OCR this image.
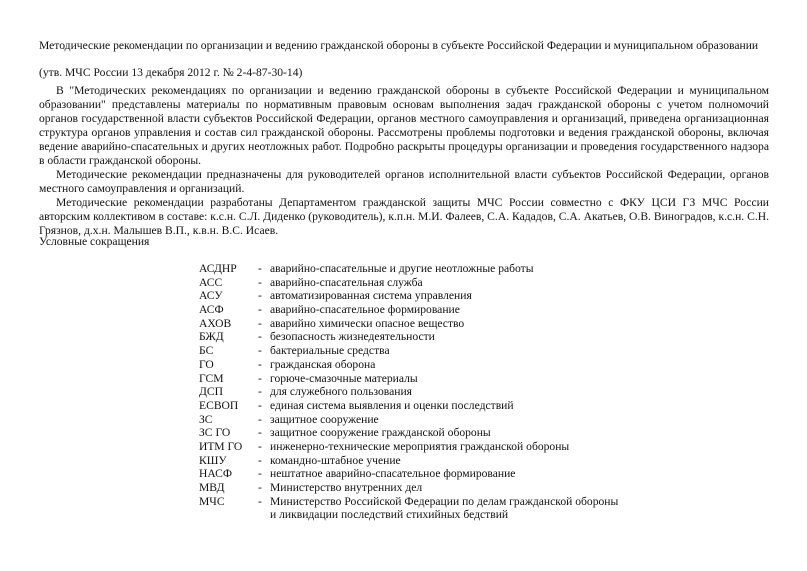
Методические рекомендации по организации и ведению гражданской обороны в субъекте Российской Федерации и муниципальном образовании
(утв. МЧС России 13 декабря 2012 г. № 2-4-87-30-14)

В "Методических рекомендациях по организации и ведению гражданской обороны в субъекте Российской Федерации и муниципальном образовании" представлены материалы по нормативным правовым основам выполнения задач гражданской обороны с учетом полномочий органов государственной власти субъектов Российской Федерации, органов местного самоуправления и организаций, приведена организационная структура органов управления и состав сил гражданской обороны. Рассмотрены проблемы подготовки и ведения гражданской обороны, включая ведение аварийно-спасательных и других неотложных работ. Подробно раскрыты процедуры организации и проведения государственного надзора в области гражданской обороны.

Методические рекомендации предназначены для руководителей органов исполнительной власти субъектов Российской Федерации, органов местного самоуправления и организаций.

Методические рекомендации разработаны Департаментом гражданской защиты МЧС России совместно с ФКУ ЦСИ ГЗ МЧС России авторским коллективом в составе: к.с.н. С.Л. Диденко (руководитель), к.п.н. М.И. Фалеев, С.А. Кададов, С.А. Акатьев, О.В. Виноградов, к.с.н. С.Н. Грязнов, д.х.н. Малышев В.П., к.в.н. В.С. Исаев.

Условные сокращения
АСДНР	- аварийно-спасательные и другие неотложные работы
АСС	- аварийно-спасательная служба
АСУ	- автоматизированная система управления
АСФ	- аварийно-спасательное формирование
АХОВ	- аварийно химически опасное вещество
БЖД	- безопасность жизнедеятельности
БС	- бактериальные средства
ГО	- гражданская оборона
ГСМ	- горюче-смазочные материалы
ДСП	- для служебного пользования
ЕСВОП	- единая система выявления и оценки последствий
ЗС	- защитное сооружение
ЗС ГО	- защитное сооружение гражданской обороны
ИТМ ГО	- инженерно-технические мероприятия гражданской обороны
КШУ	- командно-штабное учение
НАСФ	- нештатное аварийно-спасательное формирование
МВД	- Министерство внутренних дел
МЧС	- Министерство Российской Федерации по делам гражданской обороны
и ликвидации последствий стихийных бедствий
